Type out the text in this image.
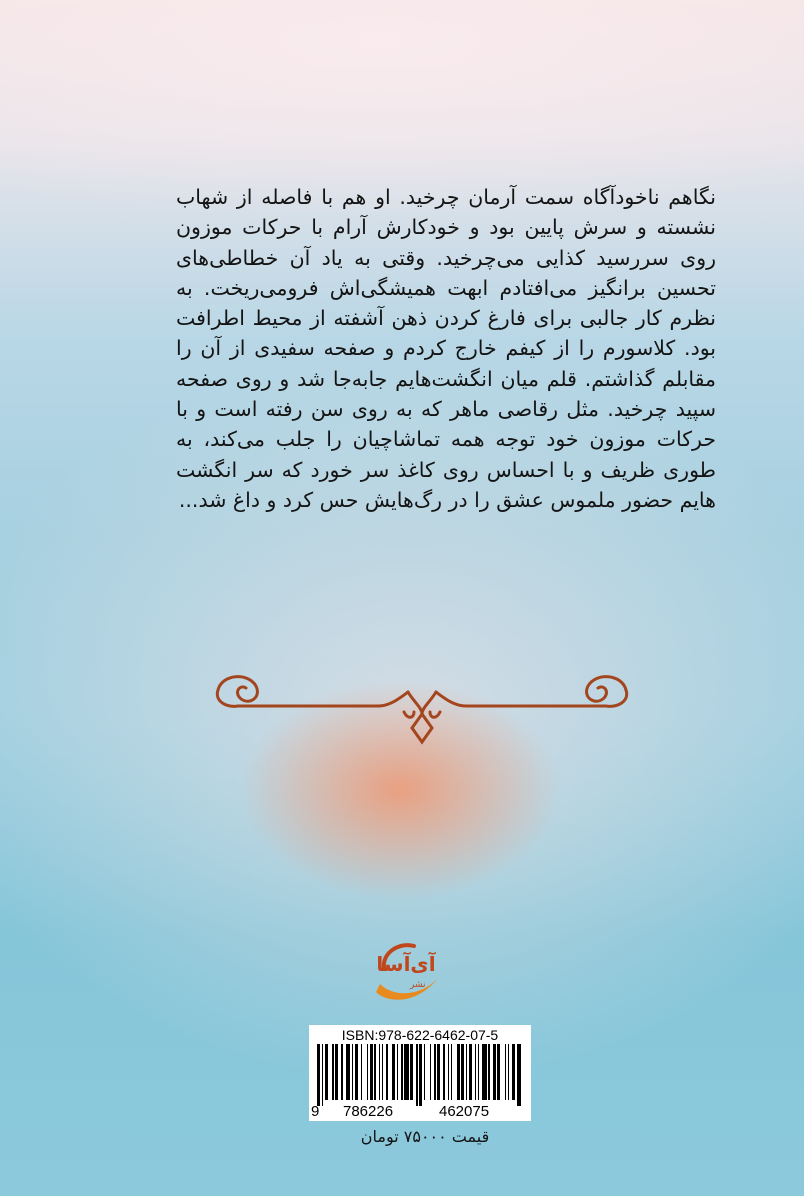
نگاهم ناخودآگاه سمت آرمان چرخید. او هم با فاصله از شهاب نشسته و سرش پایین بود و خودکارش آرام با حرکات موزون روی سررسید کذایی می‌چرخید. وقتی به یاد آن خطاطی‌های تحسین برانگیز می‌افتادم ابهت همیشگی‌اش فرومی‌ریخت. به نظرم کار جالبی برای فارغ کردن ذهن آشفته از محیط اطرافت بود. کلاسورم را از کیفم خارج کردم و صفحه سفیدی از آن را مقابلم گذاشتم. قلم میان انگشت‌هایم جابه‌جا شد و روی صفحه سپید چرخید. مثل رقاصی ماهر که به روی سن رفته است و با حرکات موزون خود توجه همه تماشاچیان را جلب می‌کند، به طوری ظریف و با احساس روی کاغذ سر خورد که سر انگشت هایم حضور ملموس عشق را در رگ‌هایش حس کرد و داغ شد...

آی‌آسا
نشر
ISBN:978-622-6462-07-5
9 786226	462075
قیمت ۷۵۰۰۰ تومان
